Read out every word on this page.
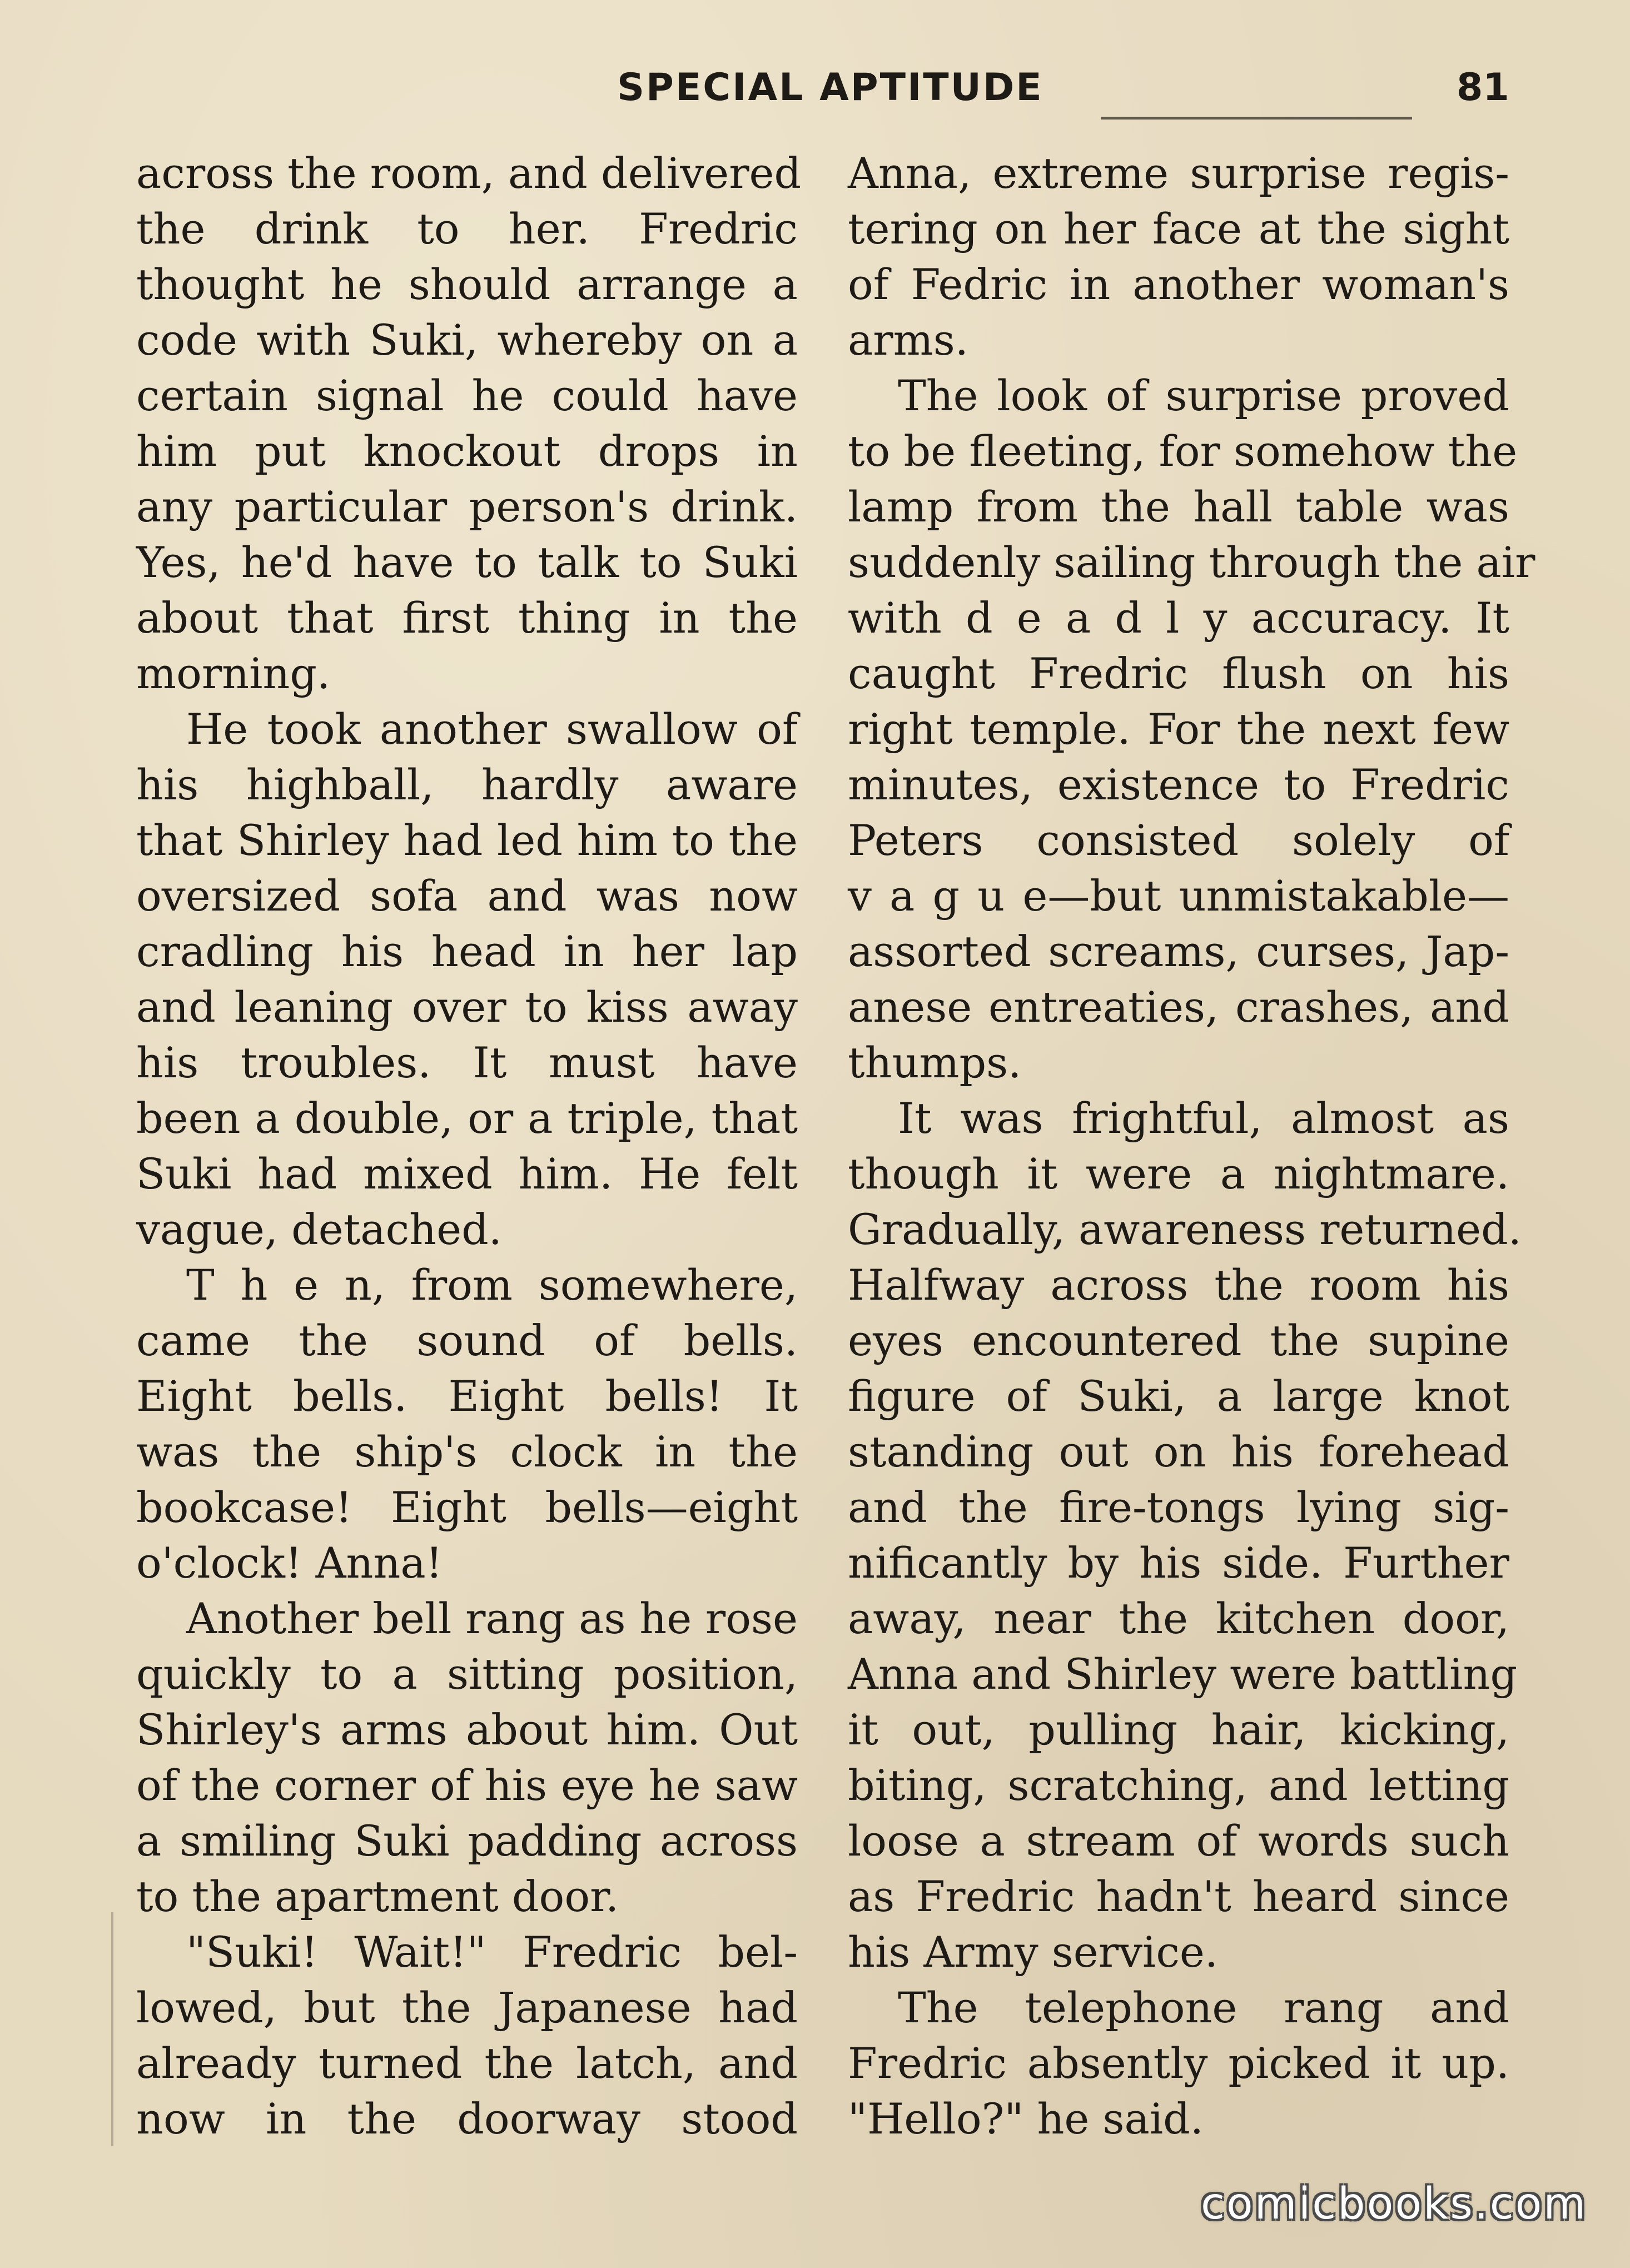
SPECIAL APTITUDE	81
across the room, and delivered
the drink to her. Fredric
thought he should arrange a
code with Suki, whereby on a
certain signal he could have
him put knockout drops in
any particular person's drink.
Yes, he'd have to talk to Suki
about that first thing in the
morning.
He took another swallow of
his highball, hardly aware
that Shirley had led him to the
oversized sofa and was now
cradling his head in her lap
and leaning over to kiss away
his troubles. It must have
been a double, or a triple, that
Suki had mixed him. He felt
vague, detached.
T h e n, from somewhere,
came the sound of bells.
Eight bells. Eight bells! It
was the ship's clock in the
bookcase! Eight bells—eight
o'clock! Anna!
Another bell rang as he rose
quickly to a sitting position,
Shirley's arms about him. Out
of the corner of his eye he saw
a smiling Suki padding across
to the apartment door.
"Suki! Wait!" Fredric bel-
lowed, but the Japanese had
already turned the latch, and
now in the doorway stood
Anna, extreme surprise regis-
tering on her face at the sight
of Fedric in another woman's
arms.
The look of surprise proved
to be fleeting, for somehow the
lamp from the hall table was
suddenly sailing through the air
with d e a d l y accuracy. It
caught Fredric flush on his
right temple. For the next few
minutes, existence to Fredric
Peters consisted solely of
v a g u e—but unmistakable—
assorted screams, curses, Jap-
anese entreaties, crashes, and
thumps.
It was frightful, almost as
though it were a nightmare.
Gradually, awareness returned.
Halfway across the room his
eyes encountered the supine
figure of Suki, a large knot
standing out on his forehead
and the fire-tongs lying sig-
nificantly by his side. Further
away, near the kitchen door,
Anna and Shirley were battling
it out, pulling hair, kicking,
biting, scratching, and letting
loose a stream of words such
as Fredric hadn't heard since
his Army service.
The telephone rang and
Fredric absently picked it up.
"Hello?" he said.
comicbooks.com
